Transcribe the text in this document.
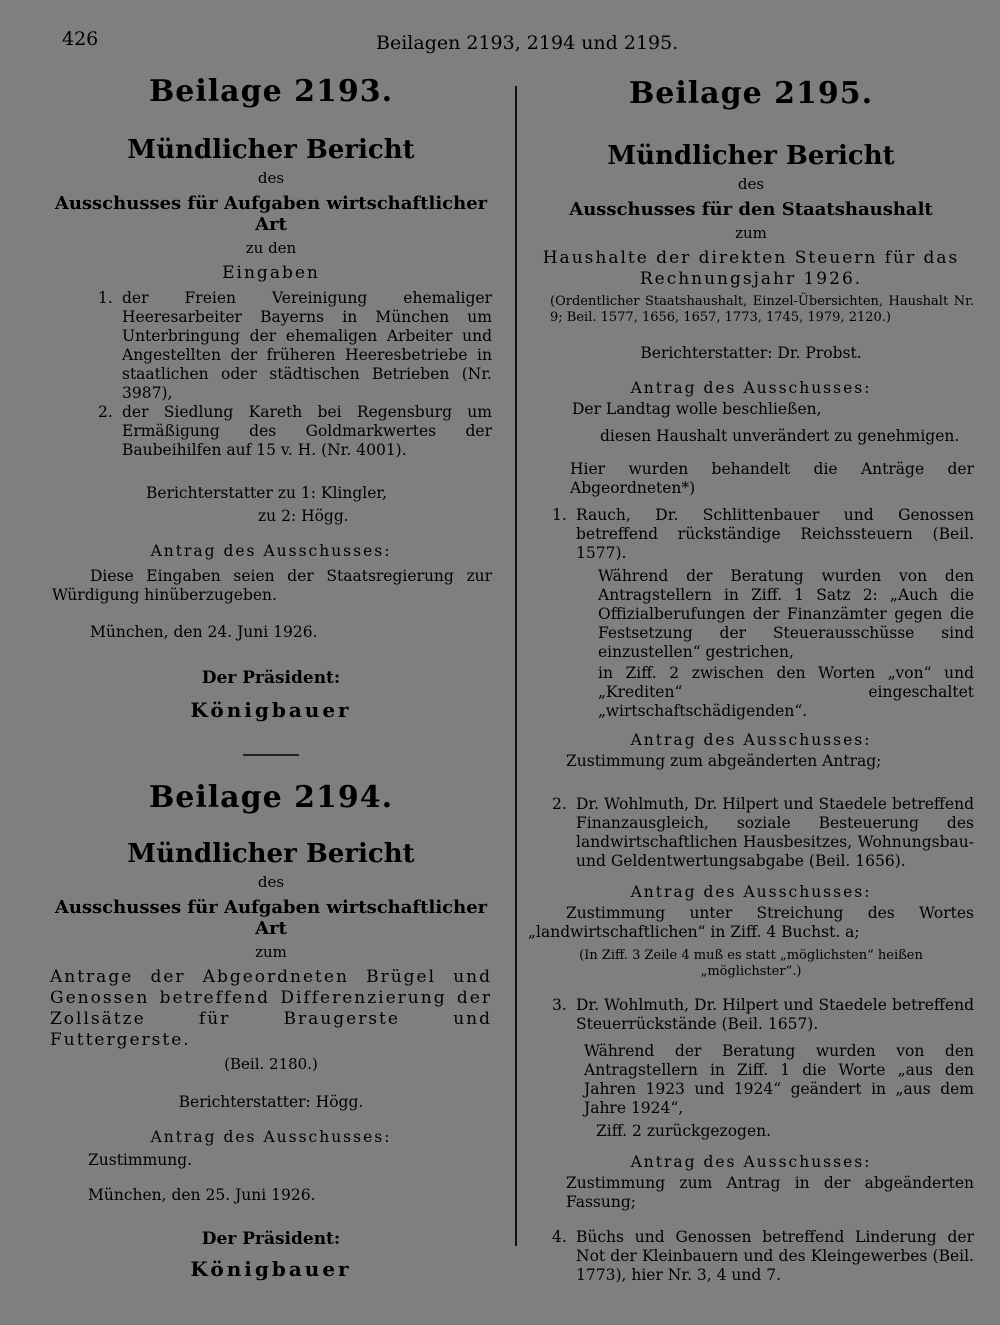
426	Beilagen 2193, 2194 und 2195.

Beilage 2193.

Mündlicher Bericht

des
Ausschusses für Aufgaben wirtschaftlicher Art
zu den
Eingaben
1. der Freien Vereinigung ehemaliger Heeresarbeiter Bayerns in München um Unterbringung der ehemaligen Arbeiter und Angestellten der früheren Heeresbetriebe in staatlichen oder städtischen Betrieben (Nr. 3987),
2. der Siedlung Kareth bei Regensburg um Ermäßigung des Goldmarkwertes der Baubeihilfen auf 15 v. H. (Nr. 4001).
Berichterstatter zu 1: Klingler,
zu 2: Högg.
Antrag des Ausschusses:
Diese Eingaben seien der Staatsregierung zur Würdigung hinüberzugeben.
München, den 24. Juni 1926.
Der Präsident:
Königbauer

Beilage 2194.

Mündlicher Bericht

des
Ausschusses für Aufgaben wirtschaftlicher Art
zum
Antrage der Abgeordneten Brügel und Genossen betreffend Differenzierung der Zollsätze für Braugerste und Futtergerste.
(Beil. 2180.)
Berichterstatter: Högg.
Antrag des Ausschusses:
Zustimmung.
München, den 25. Juni 1926.
Der Präsident:
Königbauer

Beilage 2195.

Mündlicher Bericht

des
Ausschusses für den Staatshaushalt
zum
Haushalte der direkten Steuern für das Rechnungsjahr 1926.
(Ordentlicher Staatshaushalt, Einzel-Übersichten, Haushalt Nr. 9; Beil. 1577, 1656, 1657, 1773, 1745, 1979, 2120.)
Berichterstatter: Dr. Probst.
Antrag des Ausschusses:
Der Landtag wolle beschließen,
diesen Haushalt unverändert zu genehmigen.
Hier wurden behandelt die Anträge der Abgeordneten*)
1. Rauch, Dr. Schlittenbauer und Genossen betreffend rückständige Reichssteuern (Beil. 1577).
Während der Beratung wurden von den Antragstellern in Ziff. 1 Satz 2: „Auch die Offizialberufungen der Finanzämter gegen die Festsetzung der Steuerausschüsse sind einzustellen“ gestrichen,
in Ziff. 2 zwischen den Worten „von“ und „Krediten“ eingeschaltet „wirtschaftschädigenden“.
Antrag des Ausschusses:
Zustimmung zum abgeänderten Antrag;
2. Dr. Wohlmuth, Dr. Hilpert und Staedele betreffend Finanzausgleich, soziale Besteuerung des landwirtschaftlichen Hausbesitzes, Wohnungsbau- und Geldentwertungsabgabe (Beil. 1656).
Antrag des Ausschusses:
Zustimmung unter Streichung des Wortes „landwirtschaftlichen“ in Ziff. 4 Buchst. a;
(In Ziff. 3 Zeile 4 muß es statt „möglichsten“ heißen „möglichster“.)
3. Dr. Wohlmuth, Dr. Hilpert und Staedele betreffend Steuerrückstände (Beil. 1657).
Während der Beratung wurden von den Antragstellern in Ziff. 1 die Worte „aus den Jahren 1923 und 1924“ geändert in „aus dem Jahre 1924“,
Ziff. 2 zurückgezogen.
Antrag des Ausschusses:
Zustimmung zum Antrag in der abgeänderten Fassung;
4. Büchs und Genossen betreffend Linderung der Not der Kleinbauern und des Kleingewerbes (Beil. 1773), hier Nr. 3, 4 und 7.
